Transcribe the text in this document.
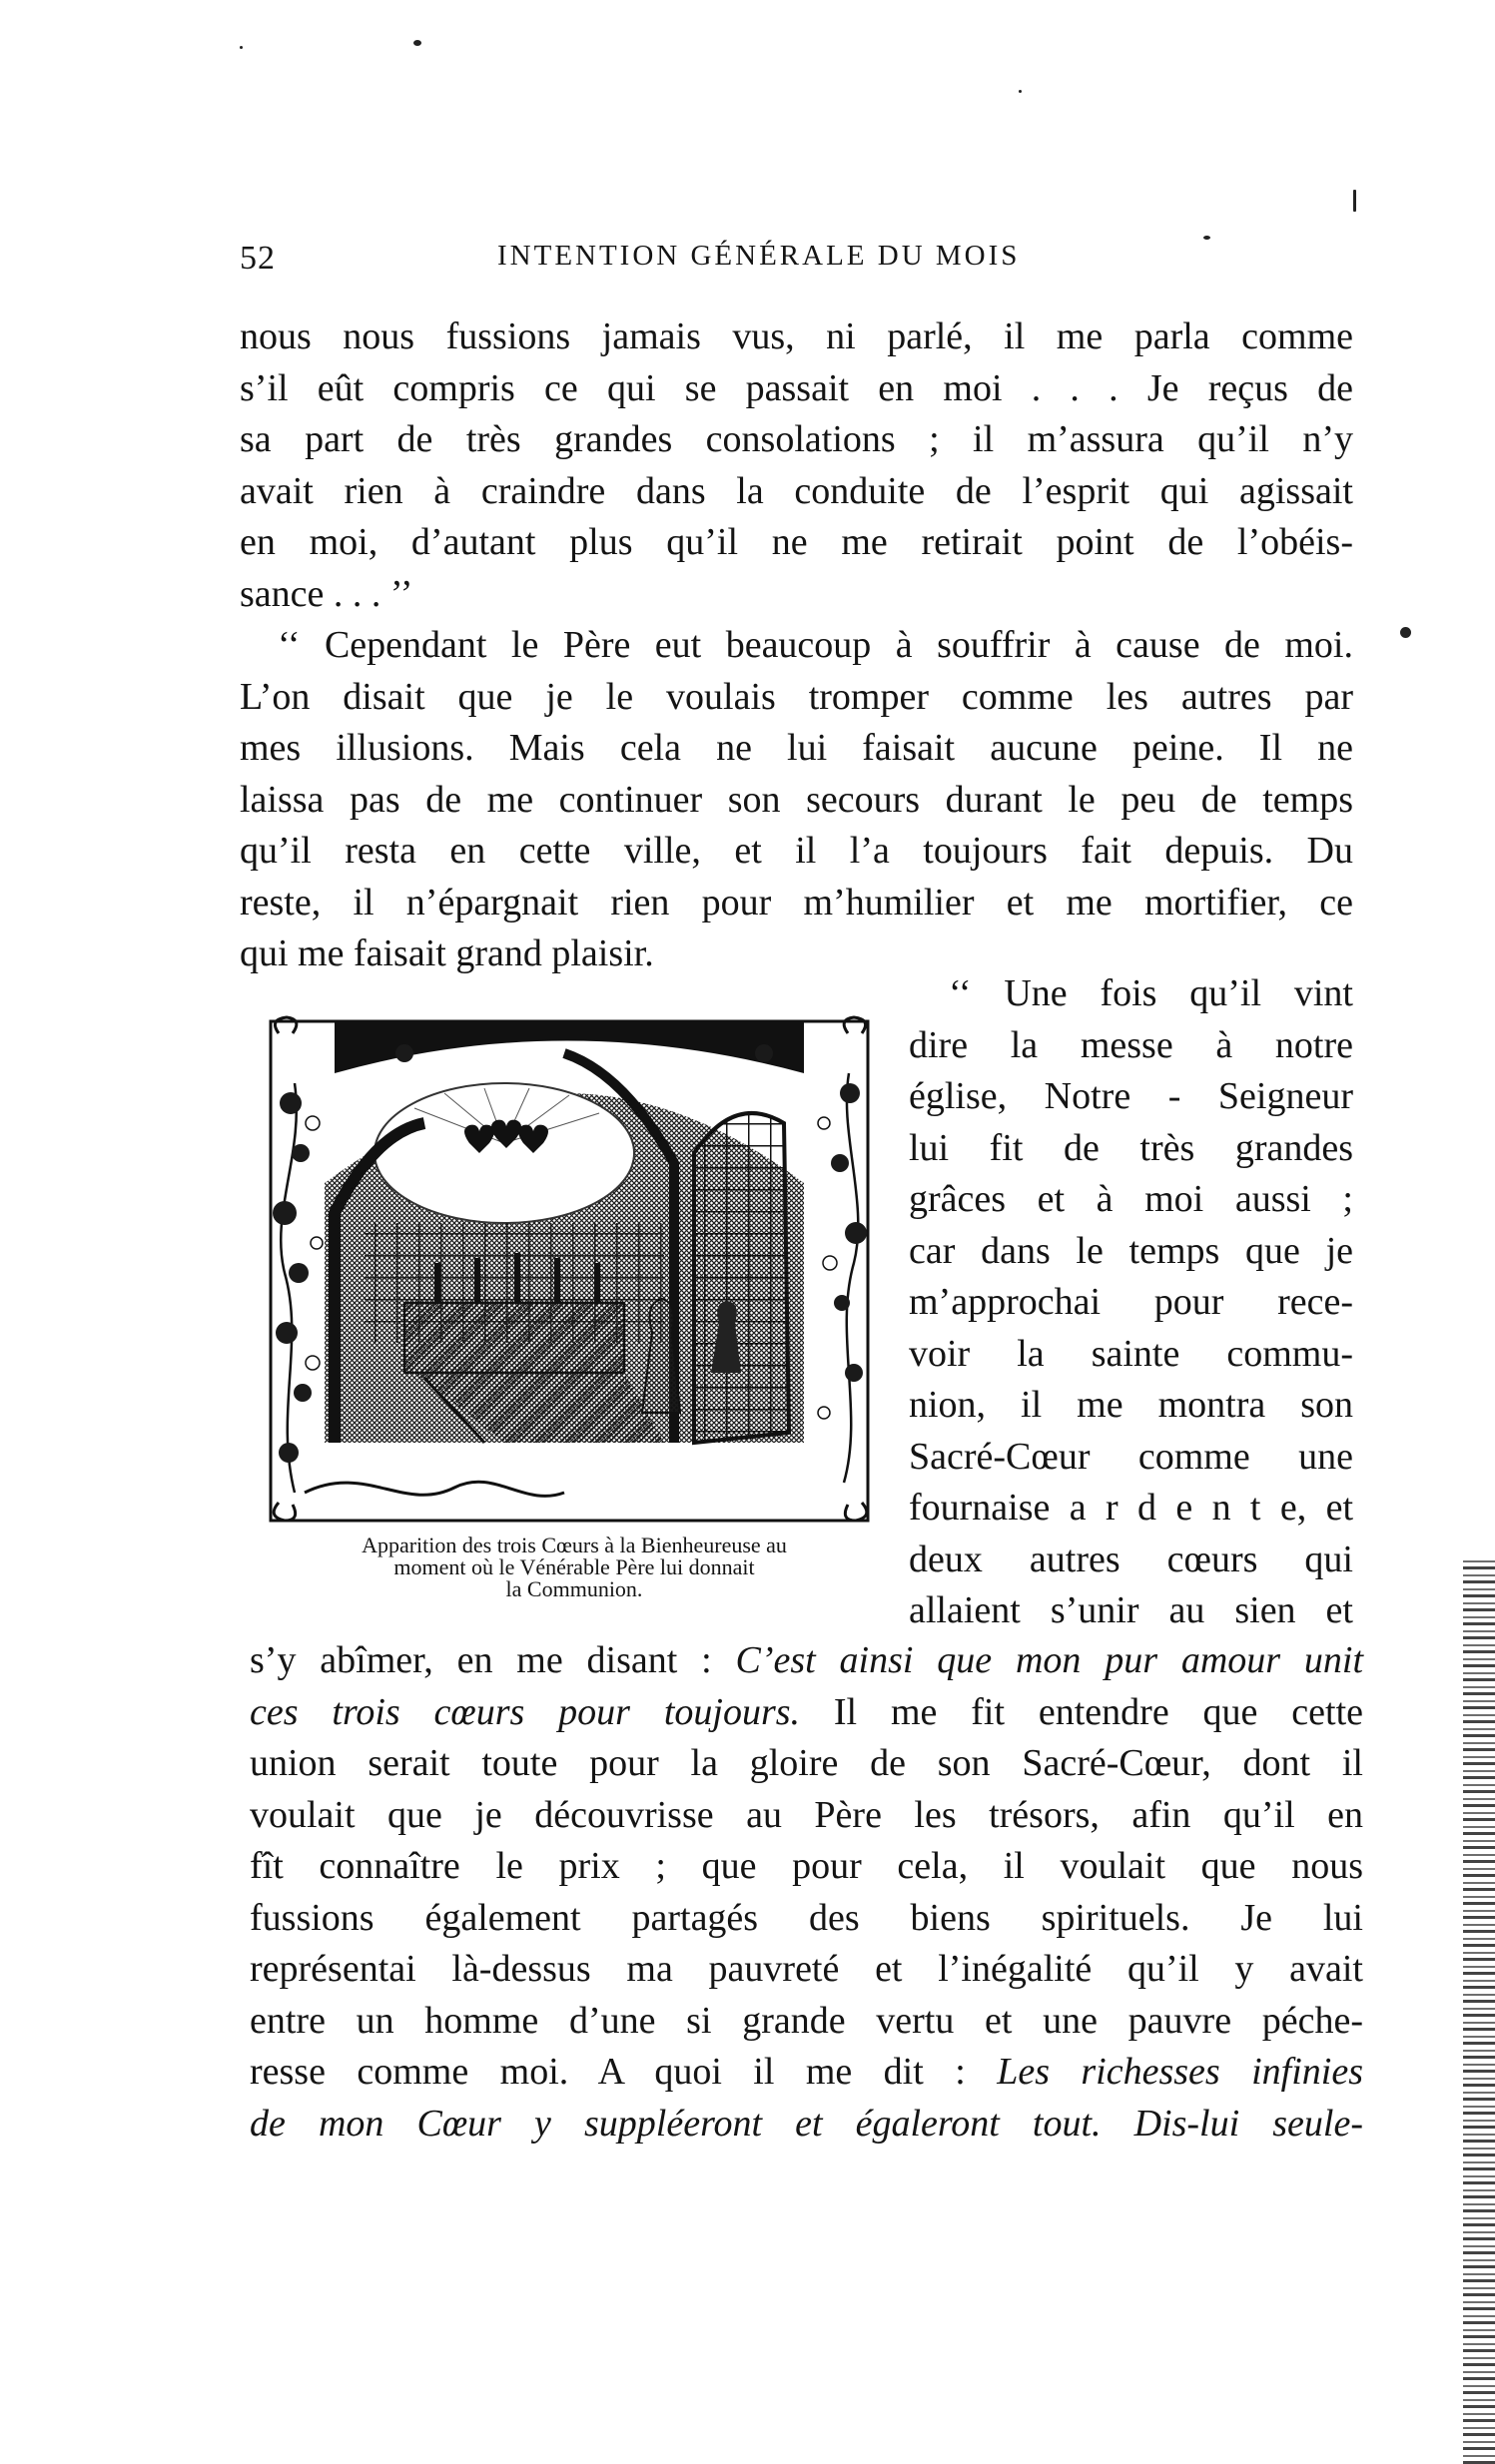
52	INTENTION GÉNÉRALE DU MOIS
nous nous fussions jamais vus, ni parlé, il me parla comme
s’il eût compris ce qui se passait en moi . . . Je reçus de
sa part de très grandes consolations ; il m’assura qu’il n’y
avait rien à craindre dans la conduite de l’esprit qui agissait
en moi, d’autant plus qu’il ne me retirait point de l’obéis-
sance . . . ’’
‘‘ Cependant le Père eut beaucoup à souffrir à cause de moi.
L’on disait que je le voulais tromper comme les autres par
mes illusions. Mais cela ne lui faisait aucune peine. Il ne
laissa pas de me continuer son secours durant le peu de temps
qu’il resta en cette ville, et il l’a toujours fait depuis. Du
reste, il n’épargnait rien pour m’humilier et me mortifier, ce
qui me faisait grand plaisir.
Apparition des trois Cœurs à la Bienheureuse au
moment où le Vénérable Père lui donnait
la Communion.
‘‘ Une fois qu’il vint
dire la messe à notre
église, Notre - Seigneur
lui fit de très grandes
grâces et à moi aussi ;
car dans le temps que je
m’approchai pour rece-
voir la sainte commu-
nion, il me montra son
Sacré-Cœur comme une
fournaise a r d e n t e, et
deux autres cœurs qui
allaient s’unir au sien et
s’y abîmer, en me disant : C’est ainsi que mon pur amour unit
ces trois cœurs pour toujours. Il me fit entendre que cette
union serait toute pour la gloire de son Sacré-Cœur, dont il
voulait que je découvrisse au Père les trésors, afin qu’il en
fît connaître le prix ; que pour cela, il voulait que nous
fussions également partagés des biens spirituels. Je lui
représentai là-dessus ma pauvreté et l’inégalité qu’il y avait
entre un homme d’une si grande vertu et une pauvre péche-
resse comme moi. A quoi il me dit : Les richesses infinies
de mon Cœur y suppléeront et égaleront tout. Dis-lui seule-
